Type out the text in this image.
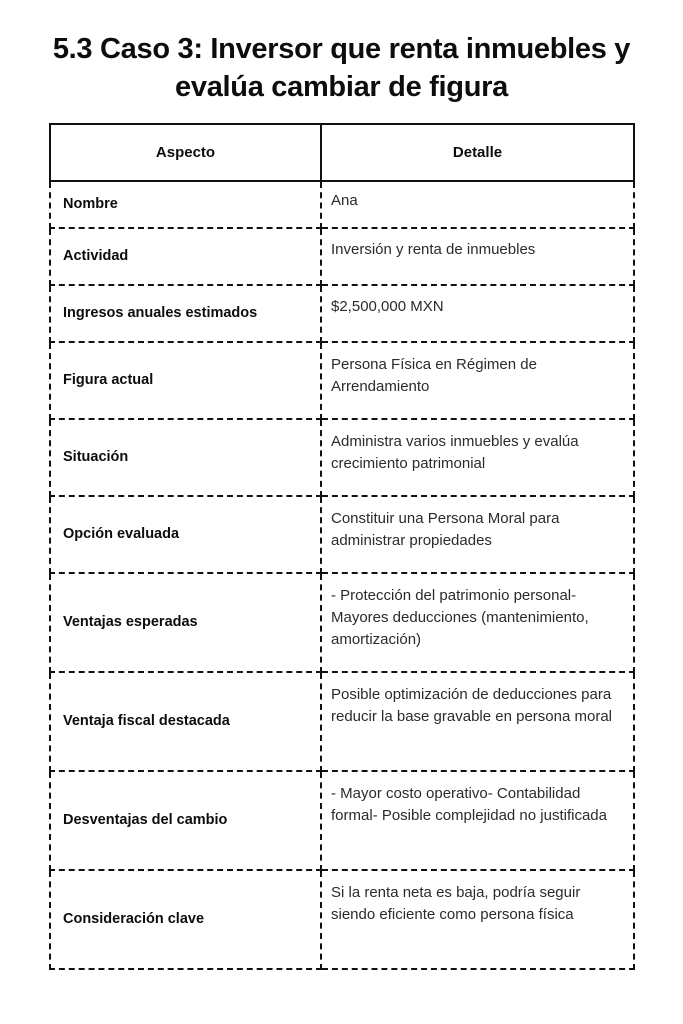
5.3 Caso 3: Inversor que renta inmuebles y evalúa cambiar de figura
Aspecto	Detalle
Nombre	Ana
Actividad	Inversión y renta de inmuebles
Ingresos anuales estimados	$2,500,000 MXN
Figura actual	Persona Física en Régimen de Arrendamiento
Situación	Administra varios inmuebles y evalúa crecimiento patrimonial
Opción evaluada	Constituir una Persona Moral para administrar propiedades
Ventajas esperadas	- Protección del patrimonio personal- Mayores deducciones (mantenimiento, amortización)
Ventaja fiscal destacada	Posible optimización de deducciones para reducir la base gravable en persona moral
Desventajas del cambio	- Mayor costo operativo- Contabilidad formal- Posible complejidad no justificada
Consideración clave	Si la renta neta es baja, podría seguir siendo eficiente como persona física
